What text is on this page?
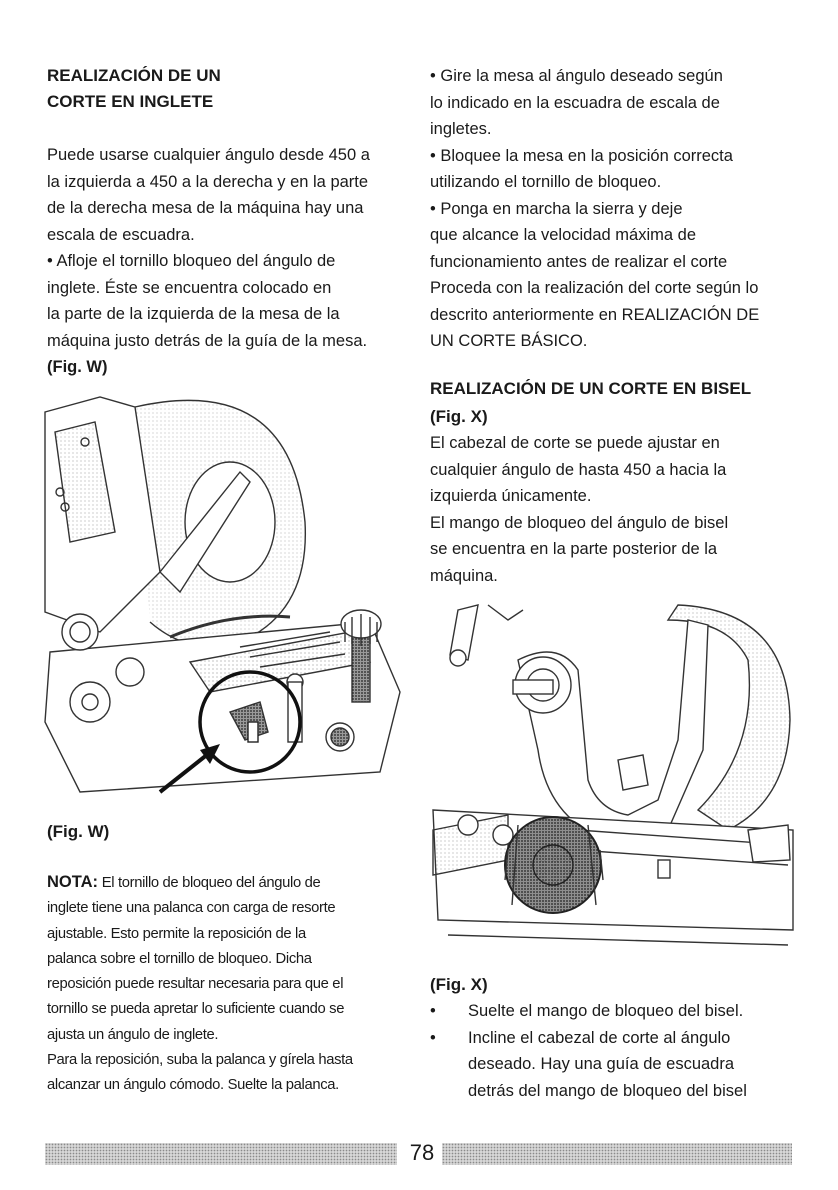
REALIZACIÓN DE UN

CORTE EN INGLETE

Puede usarse cualquier ángulo desde 450 a

la izquierda a 450 a la derecha y en la parte

de la derecha mesa de la máquina hay una

escala de escuadra.

• Afloje el tornillo bloqueo del ángulo de

inglete. Éste se encuentra colocado en

la parte de la izquierda de la mesa de la

máquina justo detrás de la guía de la mesa.

(Fig. W)

(Fig. W)

NOTA: El tornillo de bloqueo del ángulo de

inglete tiene una palanca con carga de resorte

ajustable. Esto permite la reposición de la

palanca sobre el tornillo de bloqueo. Dicha

reposición puede resultar necesaria para que el

tornillo se pueda apretar lo suficiente cuando se

ajusta un ángulo de inglete.

Para la reposición, suba la palanca y gírela hasta

alcanzar un ángulo cómodo. Suelte la palanca.

• Gire la mesa al ángulo deseado según

lo indicado en la escuadra de escala de

ingletes.

• Bloquee la mesa en la posición correcta

utilizando el tornillo de bloqueo.

• Ponga en marcha la sierra y deje

que alcance la velocidad máxima de

funcionamiento antes de realizar el corte

Proceda con la realización del corte según lo

descrito anteriormente en REALIZACIÓN DE

UN CORTE BÁSICO.

REALIZACIÓN DE UN CORTE EN BISEL

(Fig. X)

El cabezal de corte se puede ajustar en

cualquier ángulo de hasta 450 a hacia la

izquierda únicamente.

El mango de bloqueo del ángulo de bisel

se encuentra en la parte posterior de la

máquina.

(Fig. X)
•	Suelte el mango de bloqueo del bisel.
•	Incline el cabezal de corte al ángulo
deseado. Hay una guía de escuadra
detrás del mango de bloqueo del bisel
78
